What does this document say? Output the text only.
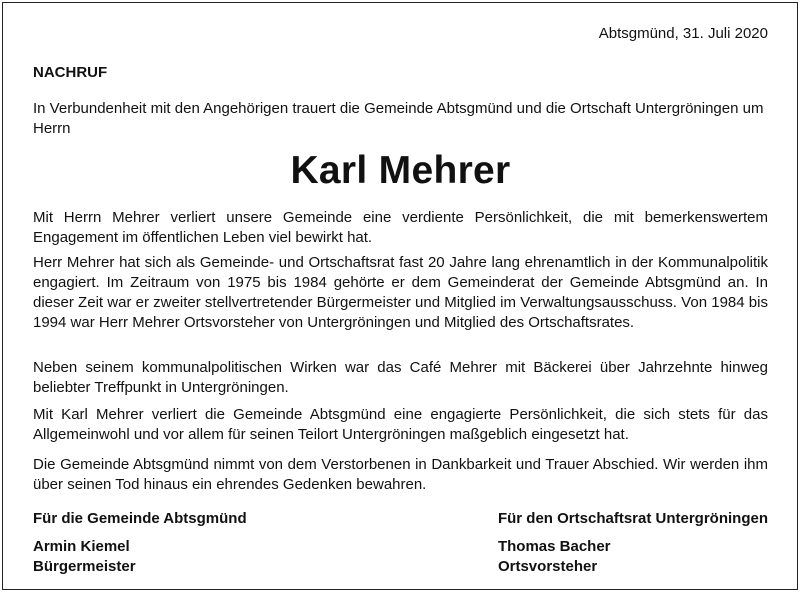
Abtsgmünd, 31. Juli 2020
NACHRUF
In Verbundenheit mit den Angehörigen trauert die Gemeinde Abtsgmünd und die Ortschaft Untergröningen um Herrn
Karl Mehrer
Mit Herrn Mehrer verliert unsere Gemeinde eine verdiente Persönlichkeit, die mit bemerkenswertem Engagement im öffentlichen Leben viel bewirkt hat.
Herr Mehrer hat sich als Gemeinde- und Ortschaftsrat fast 20 Jahre lang ehrenamtlich in der Kommunalpolitik engagiert. Im Zeitraum von 1975 bis 1984 gehörte er dem Gemeinderat der Gemeinde Abtsgmünd an. In dieser Zeit war er zweiter stellvertretender Bürgermeister und Mitglied im Verwaltungsausschuss. Von 1984 bis 1994 war Herr Mehrer Ortsvorsteher von Untergröningen und Mitglied des Ortschaftsrates.
Neben seinem kommunalpolitischen Wirken war das Café Mehrer mit Bäckerei über Jahrzehnte hinweg beliebter Treffpunkt in Untergröningen.
Mit Karl Mehrer verliert die Gemeinde Abtsgmünd eine engagierte Persönlichkeit, die sich stets für das Allgemeinwohl und vor allem für seinen Teilort Untergröningen maßgeblich eingesetzt hat.
Die Gemeinde Abtsgmünd nimmt von dem Verstorbenen in Dankbarkeit und Trauer Abschied. Wir werden ihm über seinen Tod hinaus ein ehrendes Gedenken bewahren.
Für die Gemeinde Abtsgmünd
Armin Kiemel
Bürgermeister
Für den Ortschaftsrat Untergröningen
Thomas Bacher
Ortsvorsteher
